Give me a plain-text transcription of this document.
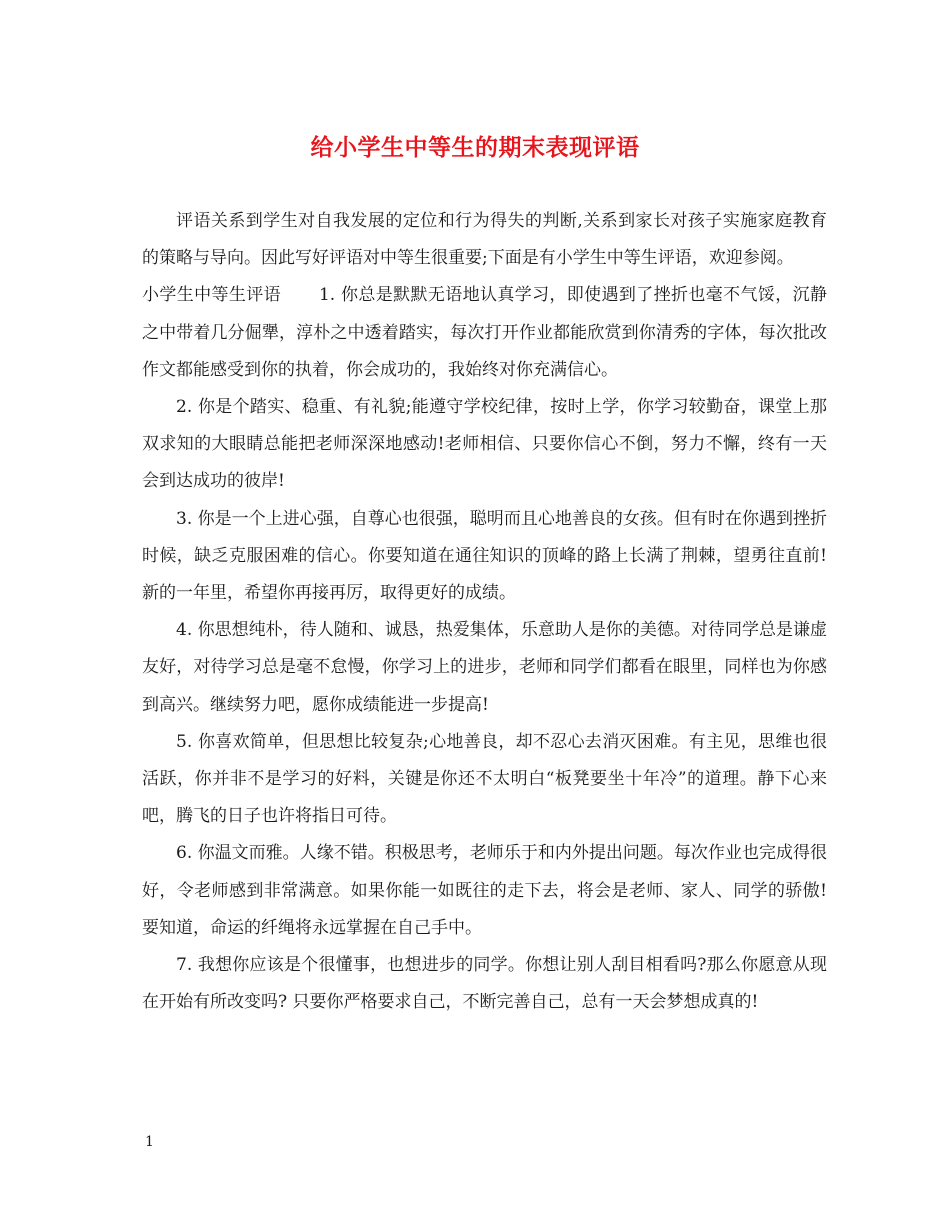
给小学生中等生的期末表现评语

评语关系到学生对自我发展的定位和行为得失的判断,关系到家长对孩子实施家庭教育的策略与导向。因此写好评语对中等生很重要;下面是有小学生中等生评语，欢迎参阅。

小学生中等生评语 1. 你总是默默无语地认真学习，即使遇到了挫折也毫不气馁，沉静之中带着几分倔犟，淳朴之中透着踏实，每次打开作业都能欣赏到你清秀的字体，每次批改作文都能感受到你的执着，你会成功的，我始终对你充满信心。

2. 你是个踏实、稳重、有礼貌;能遵守学校纪律，按时上学，你学习较勤奋，课堂上那双求知的大眼睛总能把老师深深地感动!老师相信、只要你信心不倒，努力不懈，终有一天会到达成功的彼岸!

3. 你是一个上进心强，自尊心也很强，聪明而且心地善良的女孩。但有时在你遇到挫折时候，缺乏克服困难的信心。你要知道在通往知识的顶峰的路上长满了荆棘，望勇往直前!新的一年里，希望你再接再厉，取得更好的成绩。

4. 你思想纯朴，待人随和、诚恳，热爱集体，乐意助人是你的美德。对待同学总是谦虚友好，对待学习总是毫不怠慢，你学习上的进步，老师和同学们都看在眼里，同样也为你感到高兴。继续努力吧，愿你成绩能进一步提高!

5. 你喜欢简单，但思想比较复杂;心地善良，却不忍心去消灭困难。有主见，思维也很活跃，你并非不是学习的好料，关键是你还不太明白“板凳要坐十年冷”的道理。静下心来吧，腾飞的日子也许将指日可待。

6. 你温文而雅。人缘不错。积极思考，老师乐于和内外提出问题。每次作业也完成得很好，令老师感到非常满意。如果你能一如既往的走下去，将会是老师、家人、同学的骄傲!要知道，命运的纤绳将永远掌握在自己手中。

7. 我想你应该是个很懂事，也想进步的同学。你想让别人刮目相看吗?那么你愿意从现在开始有所改变吗? 只要你严格要求自己，不断完善自己，总有一天会梦想成真的!

1
